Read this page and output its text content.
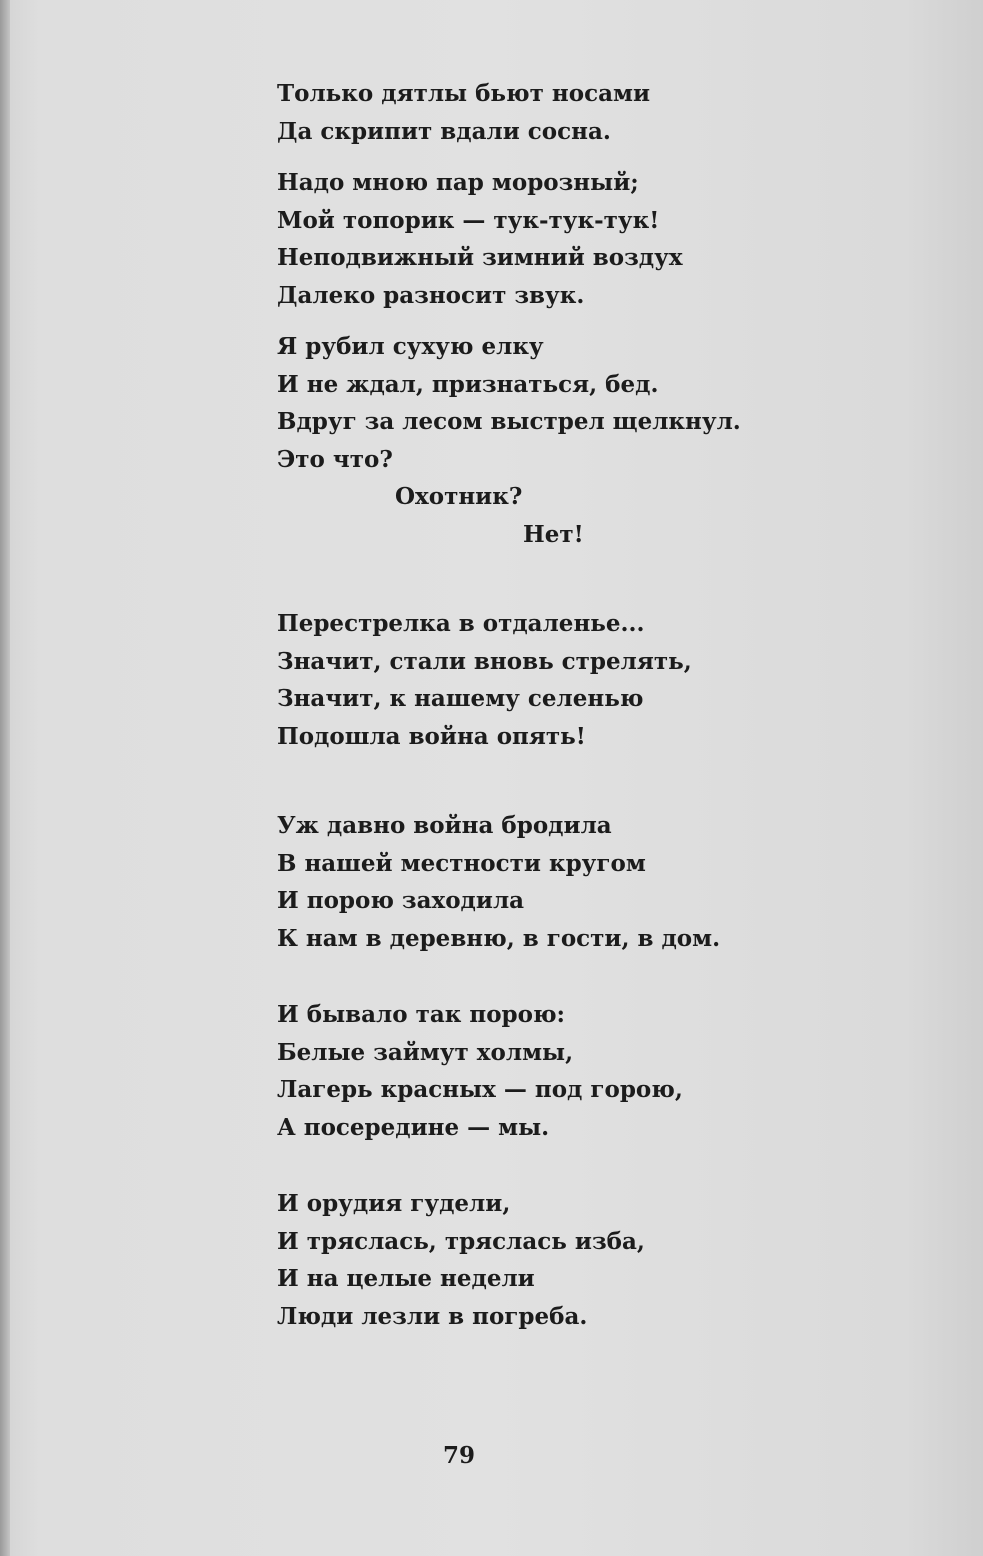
Только дятлы бьют носами
Да скрипит вдали сосна.
Надо мною пар морозный;
Мой топорик — тук-тук-тук!
Неподвижный зимний воздух
Далеко разносит звук.
Я рубил сухую елку
И не ждал, признаться, бед.
Вдруг за лесом выстрел щелкнул.
Это что?
Охотник?
Нет!
Перестрелка в отдаленье...
Значит, стали вновь стрелять,
Значит, к нашему селенью
Подошла война опять!
Уж давно война бродила
В нашей местности кругом
И порою заходила
К нам в деревню, в гости, в дом.
И бывало так порою:
Белые займут холмы,
Лагерь красных — под горою,
А посередине — мы.
И орудия гудели,
И тряслась, тряслась изба,
И на целые недели
Люди лезли в погреба.
79
